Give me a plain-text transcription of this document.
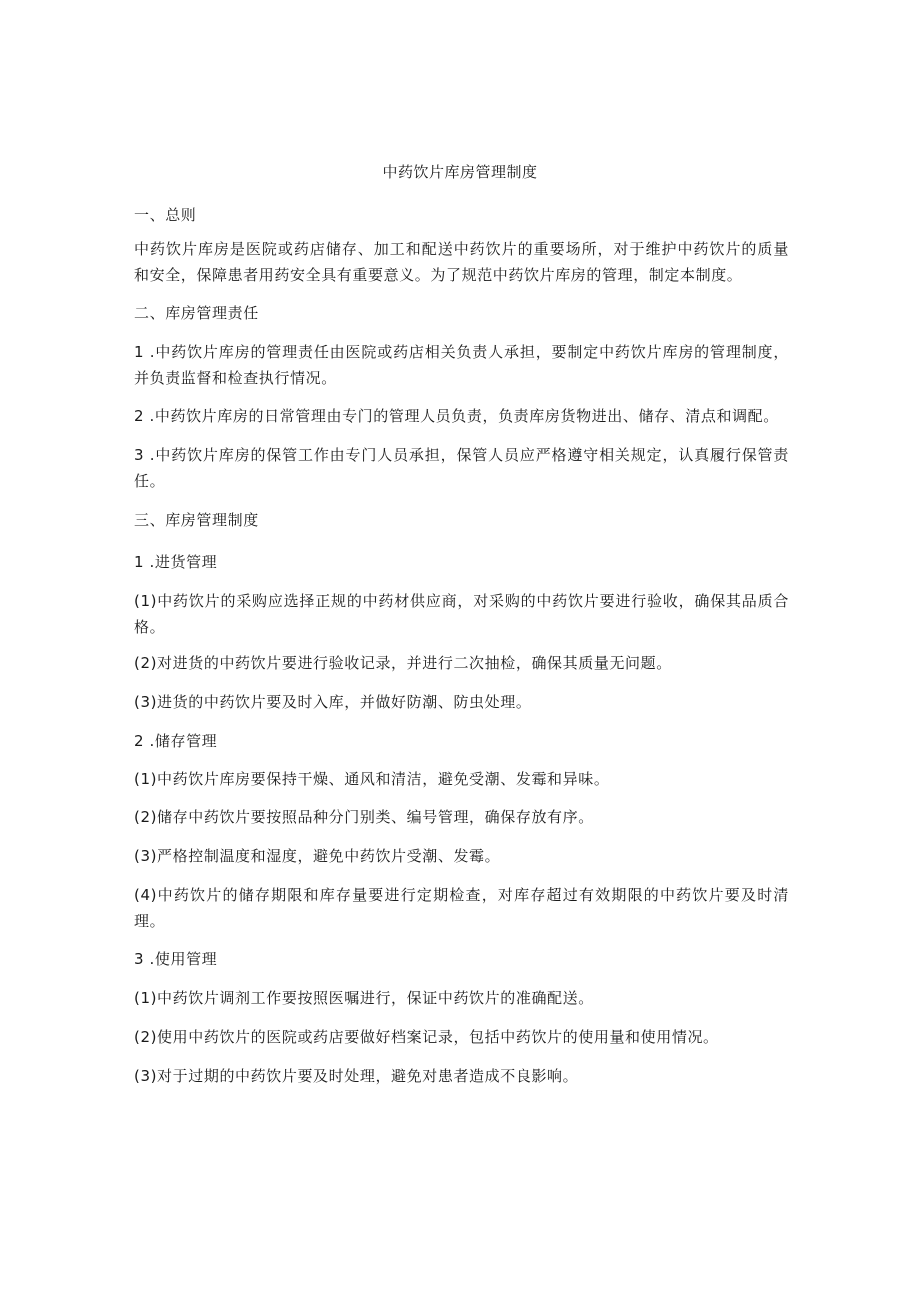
中药饮片库房管理制度
一、总则
中药饮片库房是医院或药店储存、加工和配送中药饮片的重要场所，对于维护中药饮片的质量和安全，保障患者用药安全具有重要意义。为了规范中药饮片库房的管理，制定本制度。
二、库房管理责任
1 .中药饮片库房的管理责任由医院或药店相关负责人承担，要制定中药饮片库房的管理制度，并负责监督和检查执行情况。
2 .中药饮片库房的日常管理由专门的管理人员负责，负责库房货物进出、储存、清点和调配。
3 .中药饮片库房的保管工作由专门人员承担，保管人员应严格遵守相关规定，认真履行保管责任。
三、库房管理制度
1 .进货管理
(1)中药饮片的采购应选择正规的中药材供应商，对采购的中药饮片要进行验收，确保其品质合格。
(2)对进货的中药饮片要进行验收记录，并进行二次抽检，确保其质量无问题。
(3)进货的中药饮片要及时入库，并做好防潮、防虫处理。
2 .储存管理
(1)中药饮片库房要保持干燥、通风和清洁，避免受潮、发霉和异味。
(2)储存中药饮片要按照品种分门别类、编号管理，确保存放有序。
(3)严格控制温度和湿度，避免中药饮片受潮、发霉。
(4)中药饮片的储存期限和库存量要进行定期检查，对库存超过有效期限的中药饮片要及时清理。
3 .使用管理
(1)中药饮片调剂工作要按照医嘱进行，保证中药饮片的准确配送。
(2)使用中药饮片的医院或药店要做好档案记录，包括中药饮片的使用量和使用情况。
(3)对于过期的中药饮片要及时处理，避免对患者造成不良影响。
